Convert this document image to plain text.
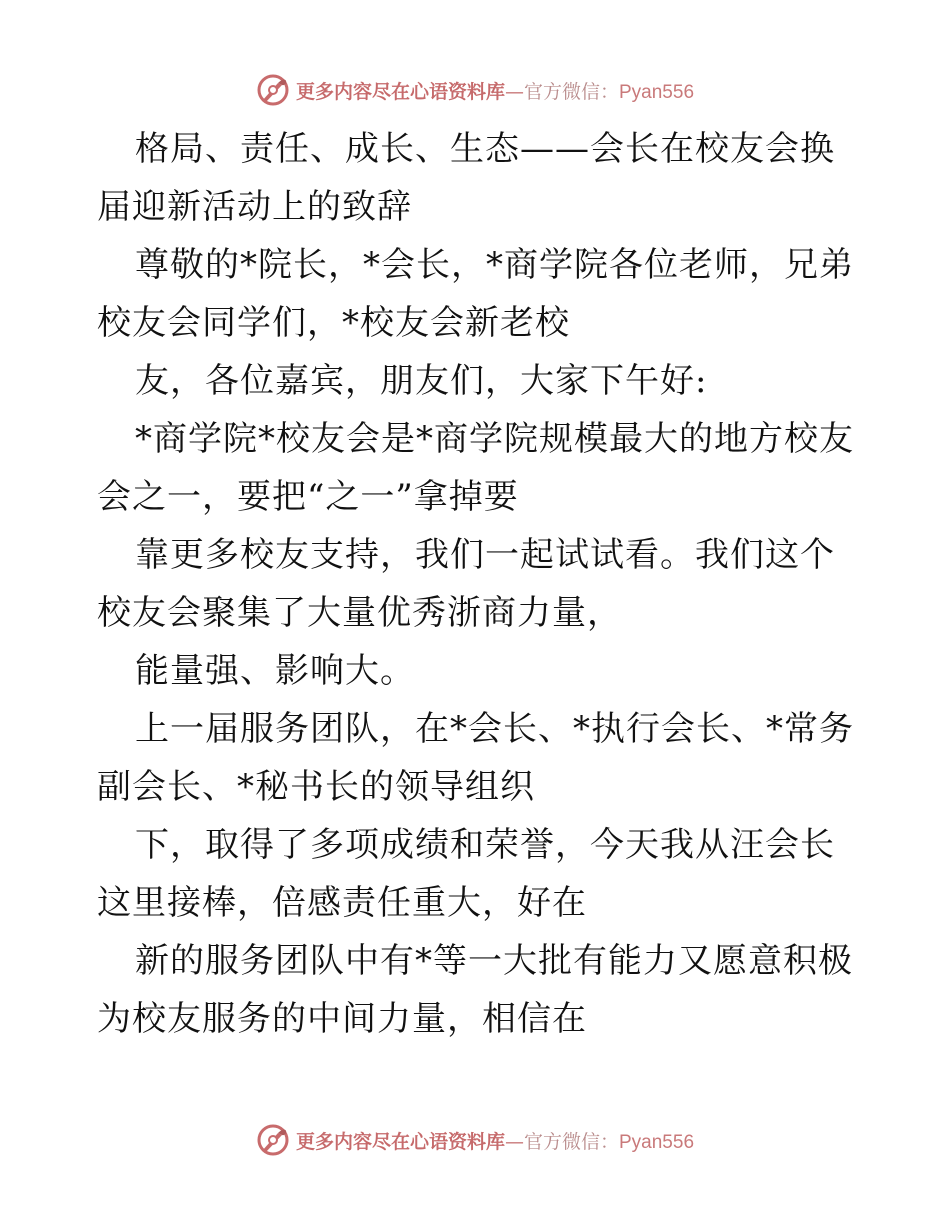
更多内容尽在心语资料库—官方微信：Pyan556

格局、责任、成长、生态——会长在校友会换届迎新活动上的致辞

尊敬的*院长，*会长，*商学院各位老师，兄弟校友会同学们，*校友会新老校

友，各位嘉宾，朋友们，大家下午好:

*商学院*校友会是*商学院规模最大的地方校友会之一，要把“之一”拿掉要

靠更多校友支持，我们一起试试看。我们这个校友会聚集了大量优秀浙商力量，

能量强、影响大。

上一届服务团队，在*会长、*执行会长、*常务副会长、*秘书长的领导组织

下，取得了多项成绩和荣誉，今天我从汪会长这里接棒，倍感责任重大，好在

新的服务团队中有*等一大批有能力又愿意积极为校友服务的中间力量，相信在

更多内容尽在心语资料库—官方微信：Pyan556
